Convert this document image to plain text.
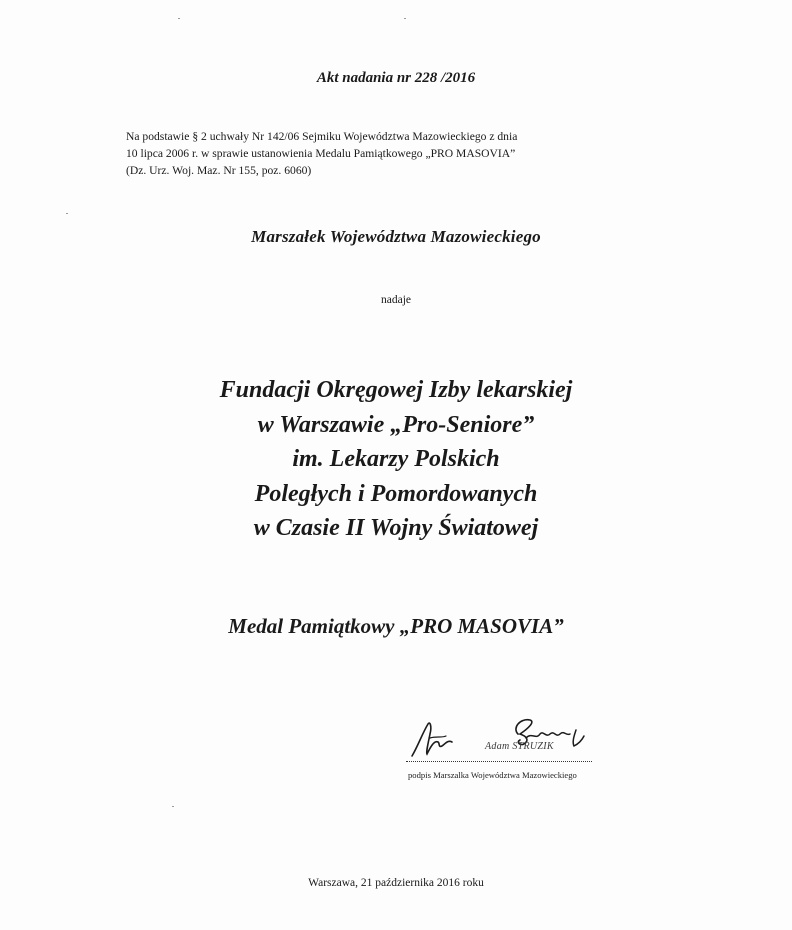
Akt nadania nr 228 /2016
Na podstawie § 2 uchwały Nr 142/06 Sejmiku Województwa Mazowieckiego z dnia
10 lipca 2006 r. w sprawie ustanowienia Medalu Pamiątkowego „PRO MASOVIA”
(Dz. Urz. Woj. Maz. Nr 155, poz. 6060)
Marszałek Województwa Mazowieckiego
nadaje
Fundacji Okręgowej Izby lekarskiej
w Warszawie „Pro-Seniore”
im. Lekarzy Polskich
Poległych i Pomordowanych
w Czasie II Wojny Światowej
Medal Pamiątkowy „PRO MASOVIA”
Adam STRUZIK
podpis Marszalka Województwa Mazowieckiego
Warszawa, 21 października 2016 roku
